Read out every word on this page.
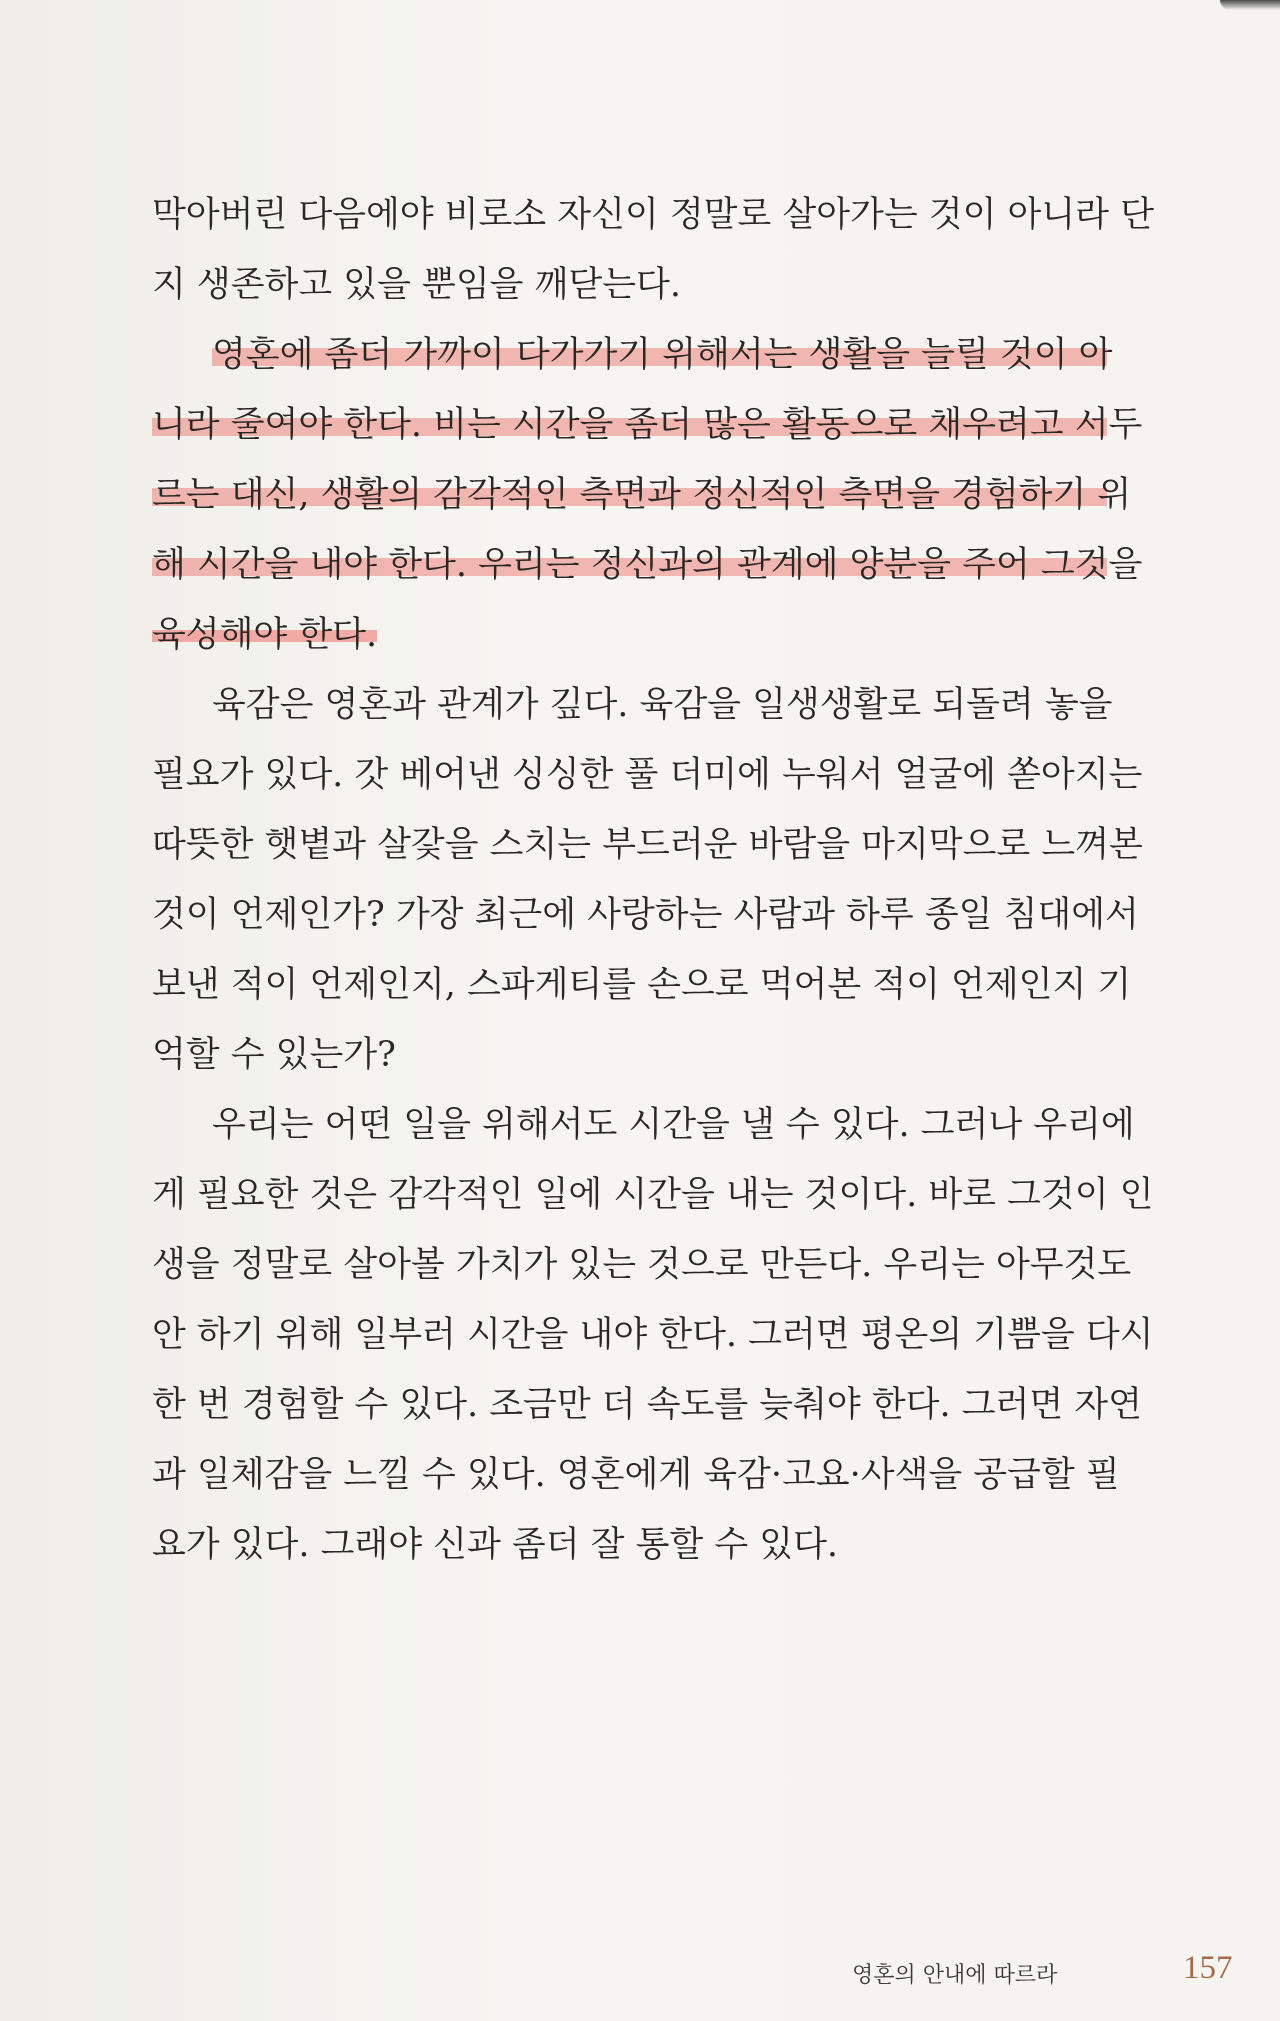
막아버린 다음에야 비로소 자신이 정말로 살아가는 것이 아니라 단
지 생존하고 있을 뿐임을 깨닫는다.
영혼에 좀더 가까이 다가가기 위해서는 생활을 늘릴 것이 아
니라 줄여야 한다. 비는 시간을 좀더 많은 활동으로 채우려고 서두
르는 대신, 생활의 감각적인 측면과 정신적인 측면을 경험하기 위
해 시간을 내야 한다. 우리는 정신과의 관계에 양분을 주어 그것을
육성해야 한다.
육감은 영혼과 관계가 깊다. 육감을 일생생활로 되돌려 놓을
필요가 있다. 갓 베어낸 싱싱한 풀 더미에 누워서 얼굴에 쏟아지는
따뜻한 햇볕과 살갗을 스치는 부드러운 바람을 마지막으로 느껴본
것이 언제인가? 가장 최근에 사랑하는 사람과 하루 종일 침대에서
보낸 적이 언제인지, 스파게티를 손으로 먹어본 적이 언제인지 기
억할 수 있는가?
우리는 어떤 일을 위해서도 시간을 낼 수 있다. 그러나 우리에
게 필요한 것은 감각적인 일에 시간을 내는 것이다. 바로 그것이 인
생을 정말로 살아볼 가치가 있는 것으로 만든다. 우리는 아무것도
안 하기 위해 일부러 시간을 내야 한다. 그러면 평온의 기쁨을 다시
한 번 경험할 수 있다. 조금만 더 속도를 늦춰야 한다. 그러면 자연
과 일체감을 느낄 수 있다. 영혼에게 육감·고요·사색을 공급할 필
요가 있다. 그래야 신과 좀더 잘 통할 수 있다.
영혼의 안내에 따르라	157
